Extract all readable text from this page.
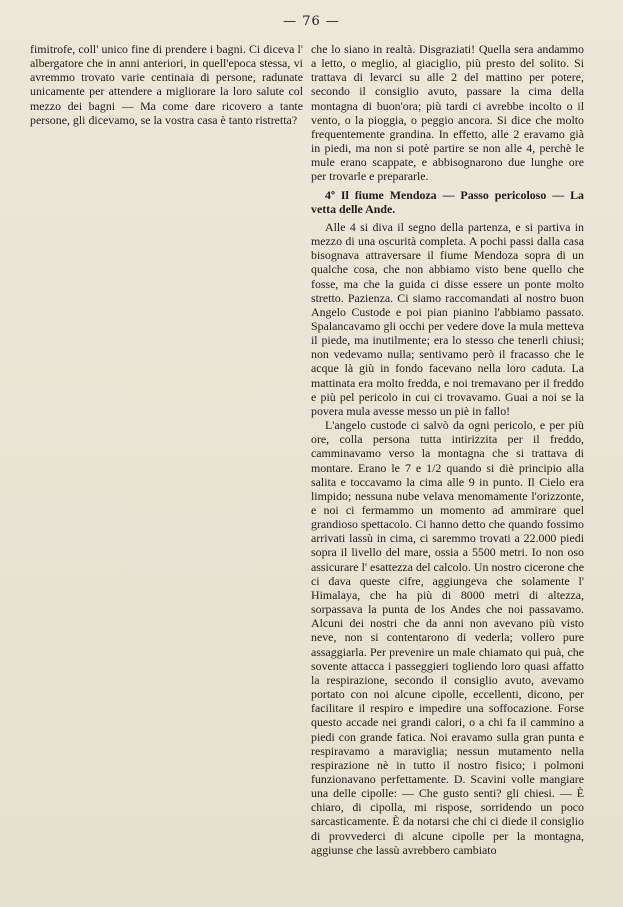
— 76 —

fimitrofe, coll' unico fine di prendere i bagni. Ci diceva l' albergatore che in anni anteriori, in quell'epoca stessa, vi avremmo trovato varie centinaia di persone, radunate unicamente per attendere a migliorare la loro salute col mezzo dei bagni — Ma come dare ricovero a tante persone, gli dicevamo, se la vostra casa è tanto ristretta?

che lo siano in realtà. Disgraziati! Quella sera andammo a letto, o meglio, al giaciglio, più presto del solito. Si trattava di levarci su alle 2 del mattino per potere, secondo il consiglio avuto, passare la cima della montagna di buon'ora; più tardi ci avrebbe incolto o il vento, o la pioggia, o peggio ancora. Si dice che molto frequentemente grandina. In effetto, alle 2 eravamo già in piedi, ma non si potè partire se non alle 4, perchè le mule erano scappate, e abbisognarono due lunghe ore per trovarle e prepararle.

4º Il fiume Mendoza — Passo pericoloso — La vetta delle Ande.

Alle 4 si diva il segno della partenza, e si partiva in mezzo di una oscurità completa. A pochi passi dalla casa bisognava attraversare il fiume Mendoza sopra di un qualche cosa, che non abbiamo visto bene quello che fosse, ma che la guida ci disse essere un ponte molto stretto. Pazienza. Ci siamo raccomandati al nostro buon Angelo Custode e poi pian pianino l'abbiamo passato. Spalancavamo gli occhi per vedere dove la mula metteva il piede, ma inutilmente; era lo stesso che tenerli chiusi; non vedevamo nulla; sentivamo però il fracasso che le acque là giù in fondo facevano nella loro caduta. La mattinata era molto fredda, e noi tremavano per il freddo e più pel pericolo in cui ci trovavamo. Guai a noi se la povera mula avesse messo un piè in fallo!

L'angelo custode ci salvò da ogni pericolo, e per più ore, colla persona tutta intirizzita per il freddo, camminavamo verso la montagna che si trattava di montare. Erano le 7 e 1/2 quando si diè principio alla salita e toccavamo la cima alle 9 in punto. Il Cielo era limpido; nessuna nube velava menomamente l'orizzonte, e noi ci fermammo un momento ad ammirare quel grandioso spettacolo. Ci hanno detto che quando fossimo arrivati lassù in cima, ci saremmo trovati a 22.000 piedi sopra il livello del mare, ossia a 5500 metri. Io non oso assicurare l' esattezza del calcolo. Un nostro cicerone che ci dava queste cifre, aggiungeva che solamente l' Himalaya, che ha più di 8000 metri di altezza, sorpassava la punta de los Andes che noi passavamo. Alcuni dei nostri che da anni non avevano più visto neve, non si contentarono di vederla; vollero pure assaggiarla. Per prevenire un male chiamato qui puà, che sovente attacca i passeggieri togliendo loro quasi affatto la respirazione, secondo il consiglio avuto, avevamo portato con noi alcune cipolle, eccellenti, dicono, per facilitare il respiro e impedire una soffocazione. Forse questo accade nei grandi calori, o a chi fa il cammino a piedi con grande fatica. Noi eravamo sulla gran punta e respiravamo a maraviglia; nessun mutamento nella respirazione nè in tutto il nostro fisico; i polmoni funzionavano perfettamente. D. Scavini volle mangiare una delle cipolle: — Che gusto senti? gli chiesi. — È chiaro, di cipolla, mi rispose, sorridendo un poco sarcasticamente. È da notarsi che chi ci diede il consiglio di provvederci di alcune cipolle per la montagna, aggiunse che lassù avrebbero cambiato
